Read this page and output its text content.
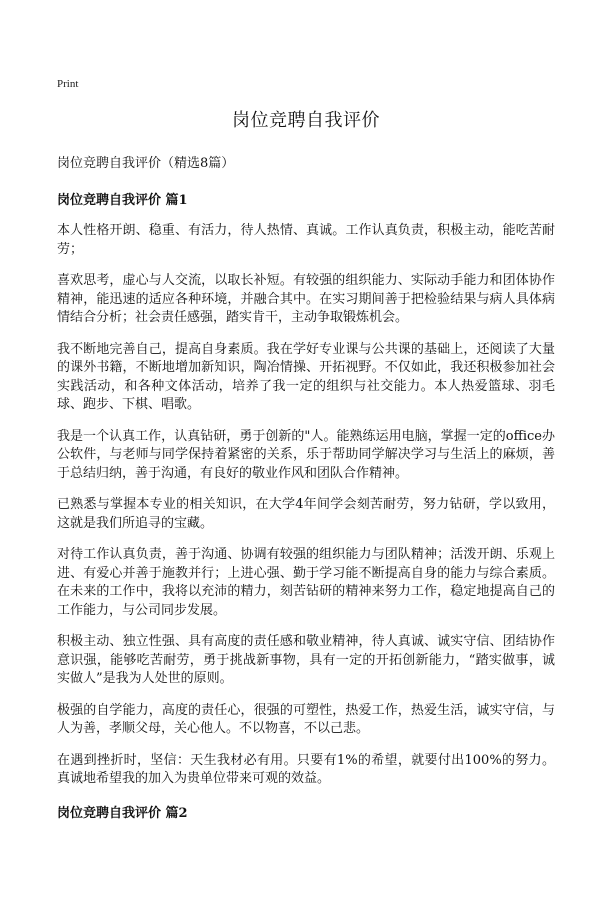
Print
岗位竞聘自我评价
岗位竞聘自我评价（精选8篇）
岗位竞聘自我评价 篇1

本人性格开朗、稳重、有活力，待人热情、真诚。工作认真负责，积极主动，能吃苦耐劳；

喜欢思考，虚心与人交流，以取长补短。有较强的组织能力、实际动手能力和团体协作精神，能迅速的适应各种环境，并融合其中。在实习期间善于把检验结果与病人具体病情结合分析；社会责任感强，踏实肯干，主动争取锻炼机会。

我不断地完善自己，提高自身素质。我在学好专业课与公共课的基础上，还阅读了大量的课外书籍，不断地增加新知识，陶冶情操、开拓视野。不仅如此，我还积极参加社会实践活动，和各种文体活动，培养了我一定的组织与社交能力。本人热爱篮球、羽毛球、跑步、下棋、唱歌。

我是一个认真工作，认真钻研，勇于创新的"人。能熟练运用电脑，掌握一定的office办公软件，与老师与同学保持着紧密的关系，乐于帮助同学解决学习与生活上的麻烦，善于总结归纳，善于沟通，有良好的敬业作风和团队合作精神。

已熟悉与掌握本专业的相关知识，在大学4年间学会刻苦耐劳，努力钻研，学以致用，这就是我们所追寻的宝藏。

对待工作认真负责，善于沟通、协调有较强的组织能力与团队精神；活泼开朗、乐观上进、有爱心并善于施教并行；上进心强、勤于学习能不断提高自身的能力与综合素质。在未来的工作中，我将以充沛的精力，刻苦钻研的精神来努力工作，稳定地提高自己的工作能力，与公司同步发展。

积极主动、独立性强、具有高度的责任感和敬业精神，待人真诚、诚实守信、团结协作意识强，能够吃苦耐劳，勇于挑战新事物，具有一定的开拓创新能力，“踏实做事，诚实做人”是我为人处世的原则。

极强的自学能力，高度的责任心，很强的可塑性，热爱工作，热爱生活，诚实守信，与人为善，孝顺父母，关心他人。不以物喜，不以己悲。

在遇到挫折时，坚信：天生我材必有用。只要有1%的希望，就要付出100%的努力。真诚地希望我的加入为贵单位带来可观的效益。

岗位竞聘自我评价 篇2
